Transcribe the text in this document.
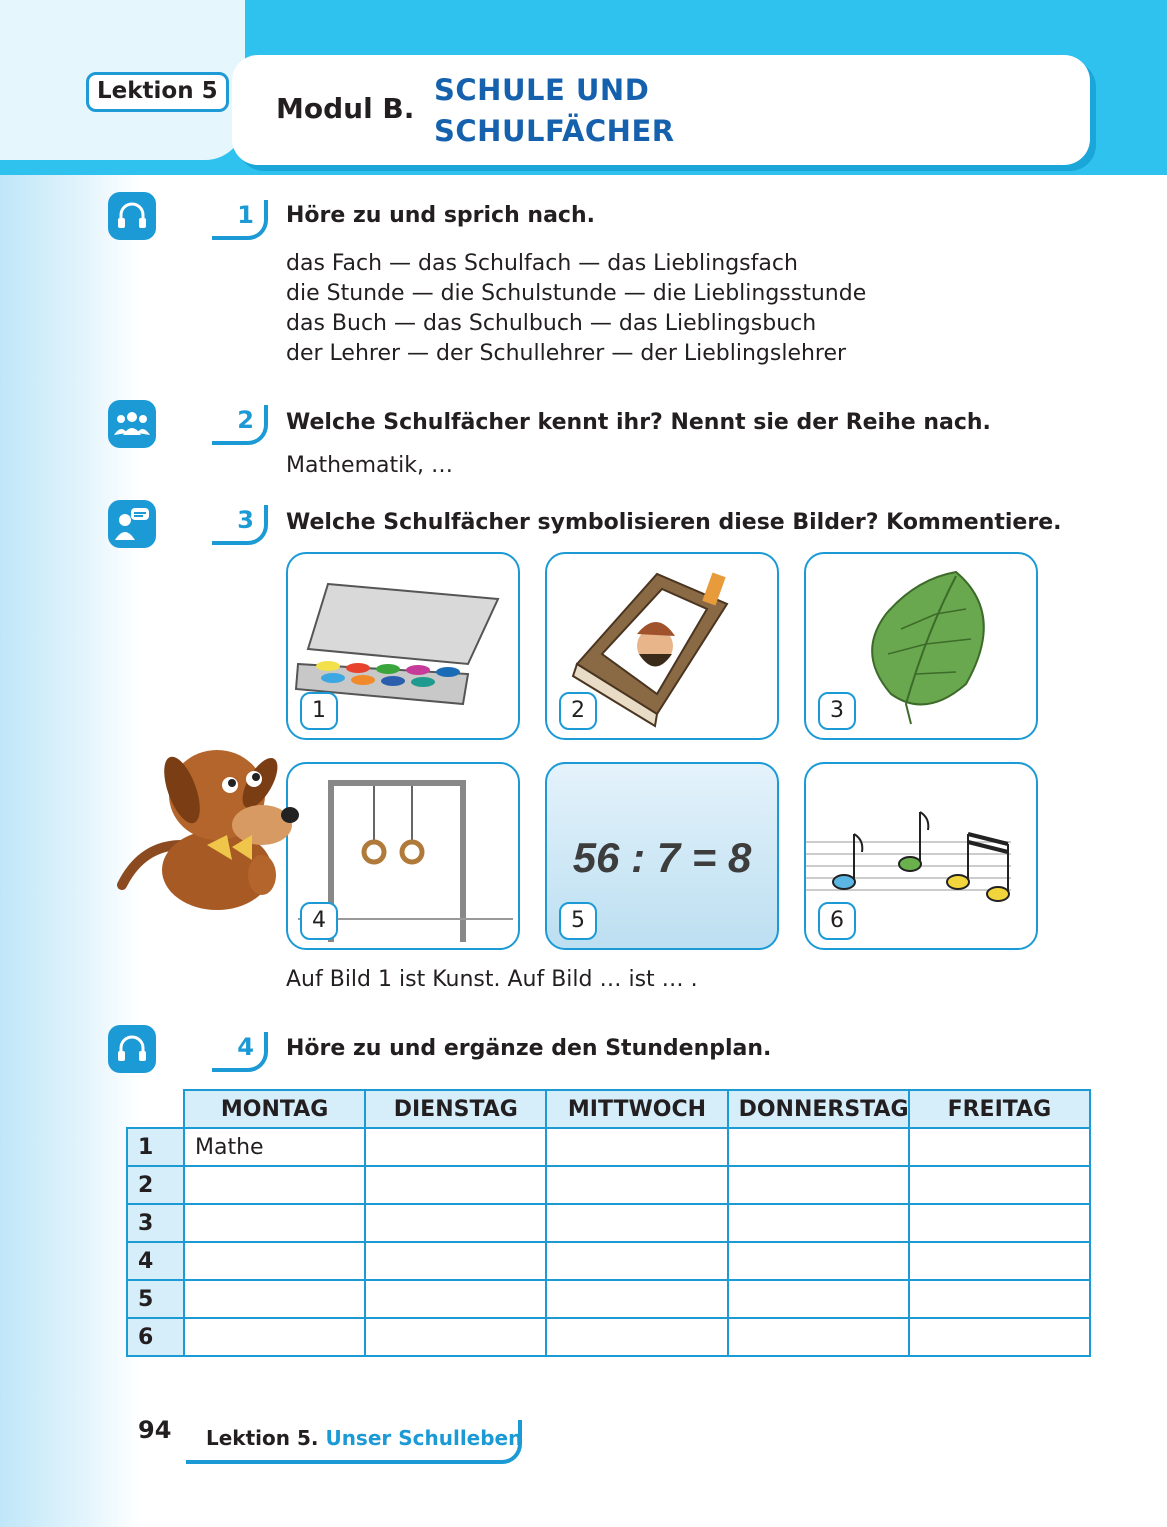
Lektion 5
Modul B.
SCHULE UND
SCHULFÄCHER
1	Höre zu und sprich nach.
das Fach — das Schulfach — das Lieblingsfach
die Stunde — die Schulstunde — die Lieblingsstunde
das Buch — das Schulbuch — das Lieblingsbuch
der Lehrer — der Schullehrer — der Lieblingslehrer
2	Welche Schulfächer kennt ihr? Nennt sie der Reihe nach.
Mathematik, …
3	Welche Schulfächer symbolisieren diese Bilder? Kommentiere.
1	2	3
4
56 : 7 = 8
5	6
Auf Bild 1 ist Kunst. Auf Bild … ist … .
4	Höre zu und ergänze den Stundenplan.
	MONTAG	DIENSTAG	MITTWOCH	DONNERSTAG	FREITAG
1	Mathe				
2					
3					
4					
5					
6					
94 Lektion 5. Unser Schulleben
